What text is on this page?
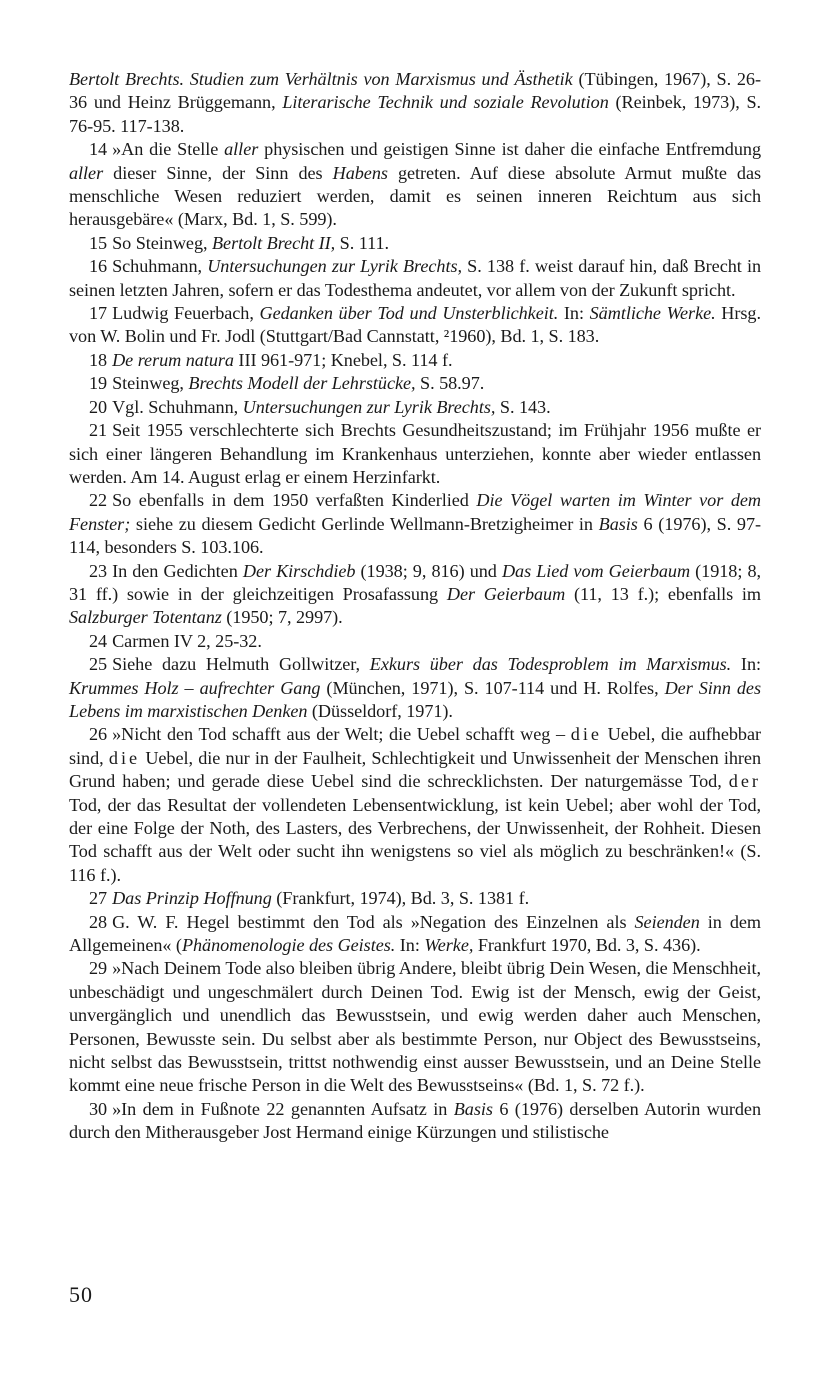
Bertolt Brechts. Studien zum Verhältnis von Marxismus und Ästhetik (Tübingen, 1967), S. 26-36 und Heinz Brüggemann, Literarische Technik und soziale Revolution (Reinbek, 1973), S. 76-95. 117-138.

14 »An die Stelle aller physischen und geistigen Sinne ist daher die einfache Entfremdung aller dieser Sinne, der Sinn des Habens getreten. Auf diese absolute Armut mußte das menschliche Wesen reduziert werden, damit es seinen inneren Reichtum aus sich herausgebäre« (Marx, Bd. 1, S. 599).

15 So Steinweg, Bertolt Brecht II, S. 111.

16 Schuhmann, Untersuchungen zur Lyrik Brechts, S. 138 f. weist darauf hin, daß Brecht in seinen letzten Jahren, sofern er das Todesthema andeutet, vor allem von der Zukunft spricht.

17 Ludwig Feuerbach, Gedanken über Tod und Unsterblichkeit. In: Sämtliche Werke. Hrsg. von W. Bolin und Fr. Jodl (Stuttgart/Bad Cannstatt, ²1960), Bd. 1, S. 183.

18 De rerum natura III 961-971; Knebel, S. 114 f.

19 Steinweg, Brechts Modell der Lehrstücke, S. 58.97.

20 Vgl. Schuhmann, Untersuchungen zur Lyrik Brechts, S. 143.

21 Seit 1955 verschlechterte sich Brechts Gesundheitszustand; im Frühjahr 1956 mußte er sich einer längeren Behandlung im Krankenhaus unterziehen, konnte aber wieder entlassen werden. Am 14. August erlag er einem Herzinfarkt.

22 So ebenfalls in dem 1950 verfaßten Kinderlied Die Vögel warten im Winter vor dem Fenster; siehe zu diesem Gedicht Gerlinde Wellmann-Bretzigheimer in Basis 6 (1976), S. 97-114, besonders S. 103.106.

23 In den Gedichten Der Kirschdieb (1938; 9, 816) und Das Lied vom Geierbaum (1918; 8, 31 ff.) sowie in der gleichzeitigen Prosafassung Der Geierbaum (11, 13 f.); ebenfalls im Salzburger Totentanz (1950; 7, 2997).

24 Carmen IV 2, 25-32.

25 Siehe dazu Helmuth Gollwitzer, Exkurs über das Todesproblem im Marxismus. In: Krummes Holz – aufrechter Gang (München, 1971), S. 107-114 und H. Rolfes, Der Sinn des Lebens im marxistischen Denken (Düsseldorf, 1971).

26 »Nicht den Tod schafft aus der Welt; die Uebel schafft weg – die Uebel, die aufhebbar sind, die Uebel, die nur in der Faulheit, Schlechtigkeit und Unwissenheit der Menschen ihren Grund haben; und gerade diese Uebel sind die schrecklichsten. Der naturgemässe Tod, der Tod, der das Resultat der vollendeten Lebensentwicklung, ist kein Uebel; aber wohl der Tod, der eine Folge der Noth, des Lasters, des Verbrechens, der Unwissenheit, der Rohheit. Diesen Tod schafft aus der Welt oder sucht ihn wenigstens so viel als möglich zu beschränken!« (S. 116 f.).

27 Das Prinzip Hoffnung (Frankfurt, 1974), Bd. 3, S. 1381 f.

28 G. W. F. Hegel bestimmt den Tod als »Negation des Einzelnen als Seienden in dem Allgemeinen« (Phänomenologie des Geistes. In: Werke, Frankfurt 1970, Bd. 3, S. 436).

29 »Nach Deinem Tode also bleiben übrig Andere, bleibt übrig Dein Wesen, die Menschheit, unbeschädigt und ungeschmälert durch Deinen Tod. Ewig ist der Mensch, ewig der Geist, unvergänglich und unendlich das Bewusstsein, und ewig werden daher auch Menschen, Personen, Bewusste sein. Du selbst aber als bestimmte Person, nur Object des Bewusstseins, nicht selbst das Bewusstsein, trittst nothwendig einst ausser Bewusstsein, und an Deine Stelle kommt eine neue frische Person in die Welt des Bewusstseins« (Bd. 1, S. 72 f.).

30 »In dem in Fußnote 22 genannten Aufsatz in Basis 6 (1976) derselben Autorin wurden durch den Mitherausgeber Jost Hermand einige Kürzungen und stilistische

50
